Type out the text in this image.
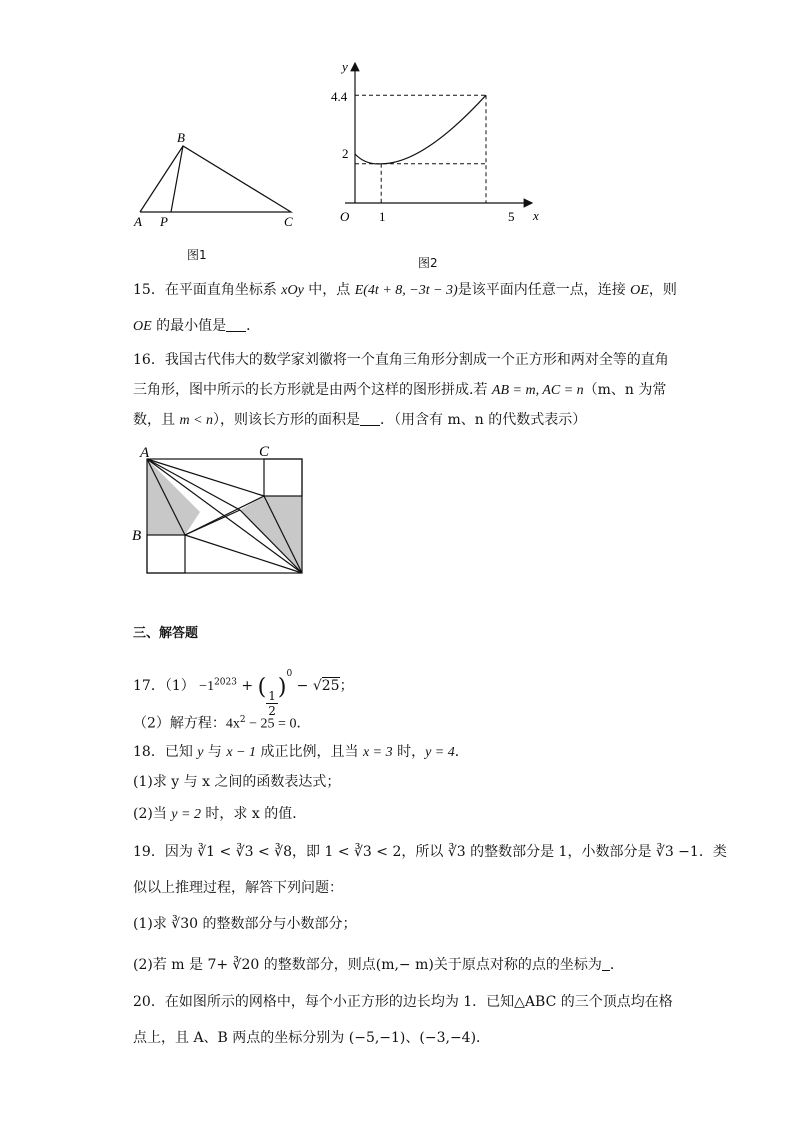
B
A P	C
图1
y
x
O
4.4
2
1	5
图2
15．在平面直角坐标系 xOy 中，点 E(4t + 8, −3t − 3)是该平面内任意一点，连接 OE，则
OE 的最小值是 ．
16．我国古代伟大的数学家刘徽将一个直角三角形分割成一个正方形和两对全等的直角
三角形，图中所示的长方形就是由两个这样的图形拼成.若 AB = m, AC = n（m、n 为常
数，且 m < n），则该长方形的面积是 ．（用含有 m、n 的代数式表示）
A	C
B
三、解答题
17．$(1) -1^{2023}$ + (
$\frac{1}{2}$
)$^0$ − √25；
（2）解方程：$4x^2 - 25 = 0$．
18．已知 y 与 x − 1 成正比例，且当 x = 3 时，y = 4．
(1)求 y 与 x 之间的函数表达式；
(2)当 y = 2 时，求 x 的值．
19．因为 ∛1 < ∛3 < ∛8，即 1 < ∛3 < 2，所以 ∛3 的整数部分是 1，小数部分是 ∛3 −1．类
似以上推理过程，解答下列问题：
(1)求 ∛30 的整数部分与小数部分；
(2)若 m 是 7+ ∛20 的整数部分，则点(m,− m)关于原点对称的点的坐标为 ．
20．在如图所示的网格中，每个小正方形的边长均为 1．已知△ABC 的三个顶点均在格
点上，且 A、B 两点的坐标分别为 (−5,−1)、(−3,−4)．
